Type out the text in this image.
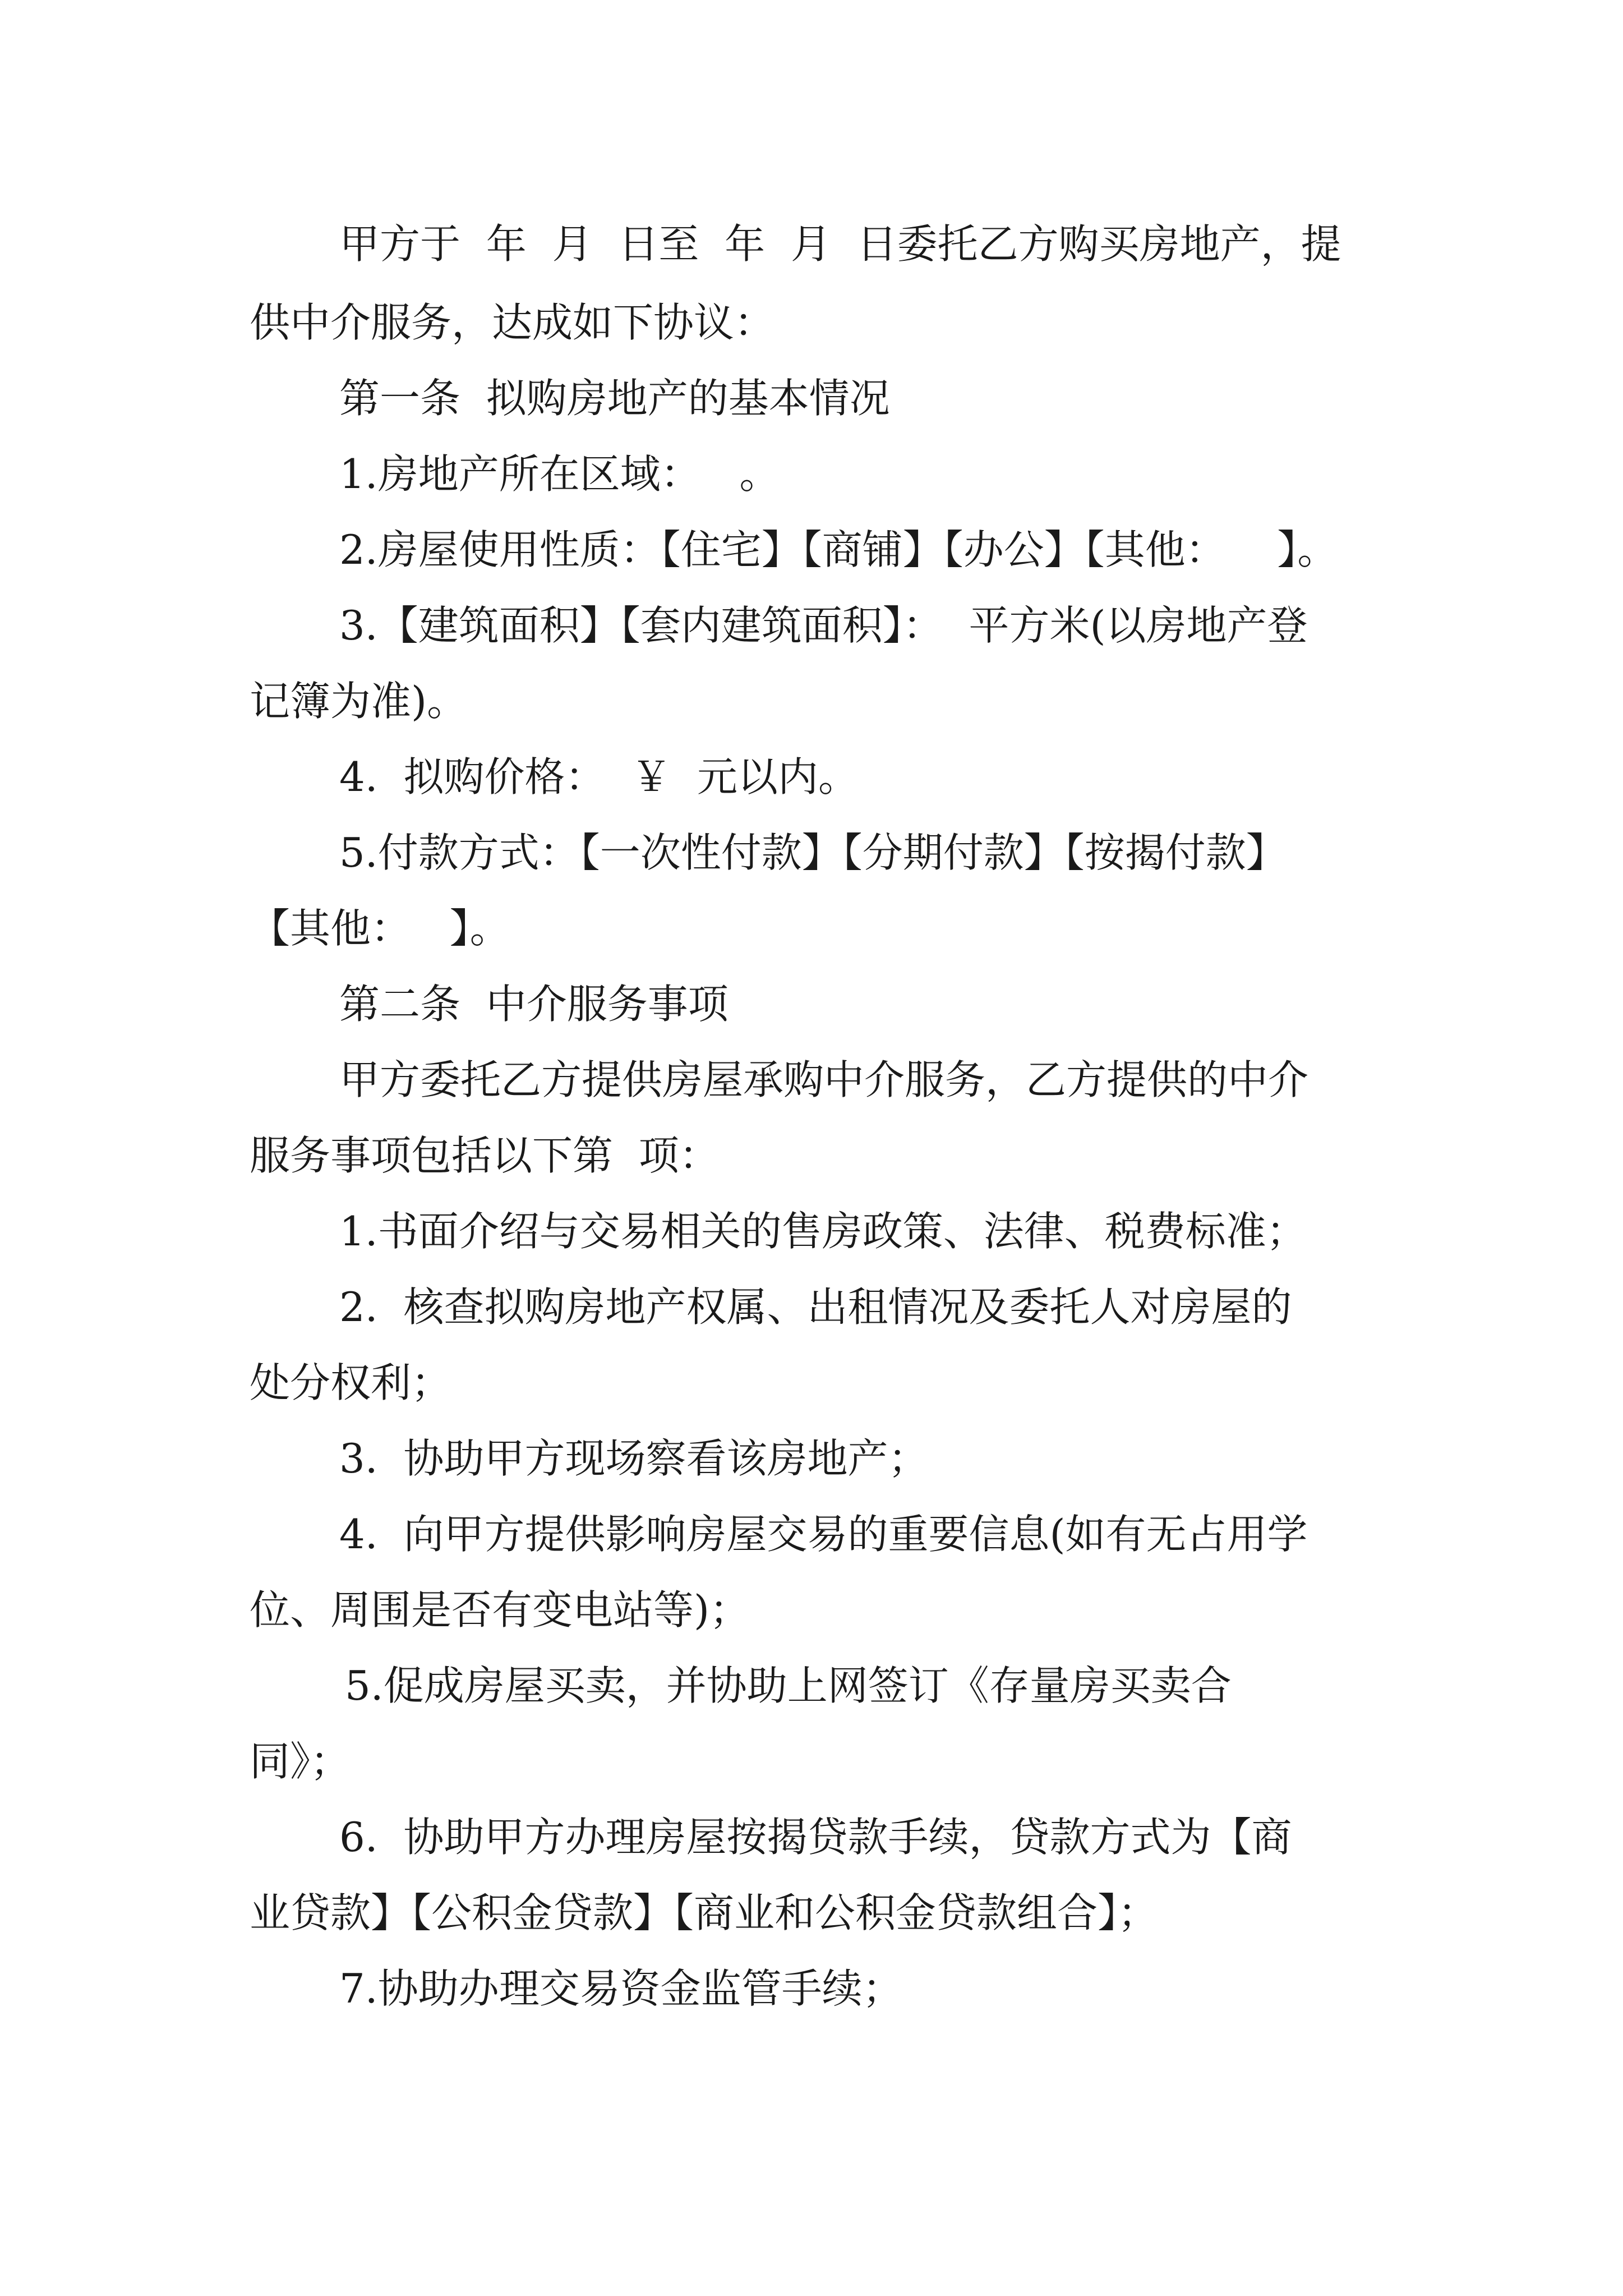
甲方于  年  月  日至  年  月  日委托乙方购买房地产，提
供中介服务，达成如下协议：
第一条  拟购房地产的基本情况
1.房地产所在区域：   。
2.房屋使用性质：【住宅】【商铺】【办公】【其他：    】。
3.【建筑面积】【套内建筑面积】：  平方米(以房地产登
记簿为准)。
4.  拟购价格：  ￥  元以内。
5.付款方式：【一次性付款】【分期付款】【按揭付款】
【其他：   】。
第二条  中介服务事项
甲方委托乙方提供房屋承购中介服务，乙方提供的中介
服务事项包括以下第  项：
1.书面介绍与交易相关的售房政策、法律、税费标准；
2.  核查拟购房地产权属、出租情况及委托人对房屋的
处分权利；
3.  协助甲方现场察看该房地产；
4.  向甲方提供影响房屋交易的重要信息(如有无占用学
位、周围是否有变电站等)；
5.促成房屋买卖，并协助上网签订《存量房买卖合
同》；
6.  协助甲方办理房屋按揭贷款手续，贷款方式为【商
业贷款】【公积金贷款】【商业和公积金贷款组合】；
7.协助办理交易资金监管手续；
